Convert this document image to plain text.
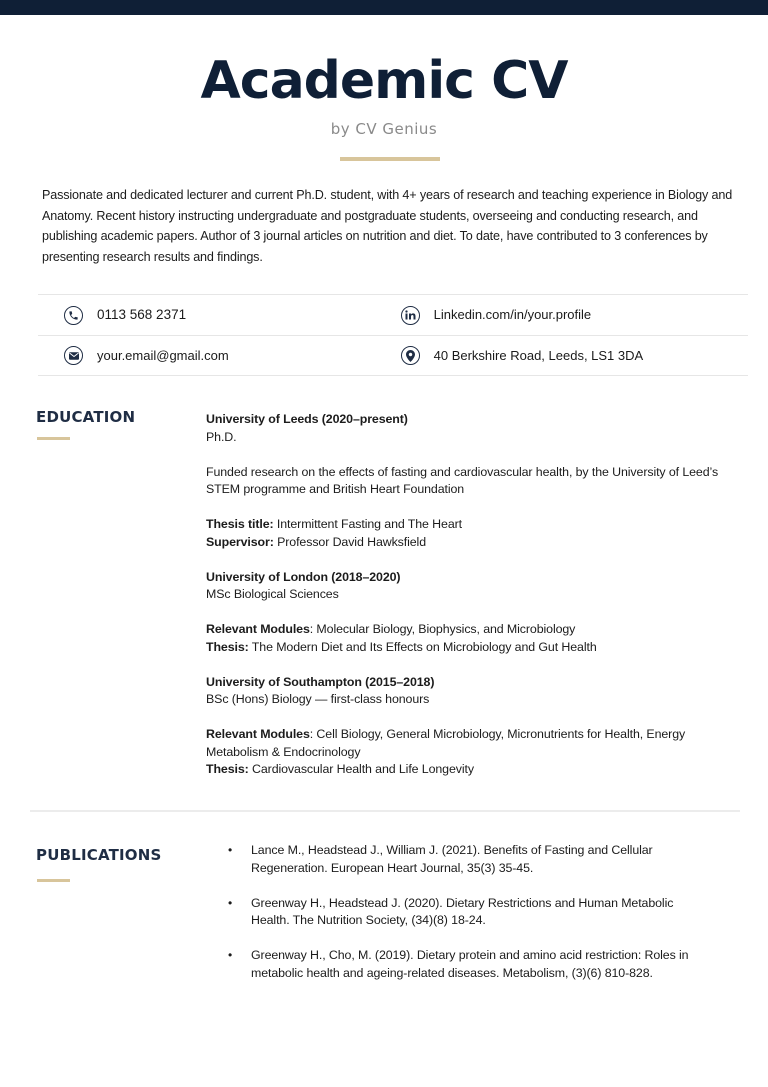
Academic CV
by CV Genius

Passionate and dedicated lecturer and current Ph.D. student, with 4+ years of research and teaching experience in Biology and Anatomy. Recent history instructing undergraduate and postgraduate students, overseeing and conducting research, and publishing academic papers. Author of 3 journal articles on nutrition and diet. To date, have contributed to 3 conferences by presenting research results and findings.

0113 568 2371	Linkedin.com/in/your.profile
your.email@gmail.com	40 Berkshire Road, Leeds, LS1 3DA
EDUCATION	University of Leeds (2020–present)
Ph.D.
Funded research on the effects of fasting and cardiovascular health, by the University of Leed’s STEM programme and British Heart Foundation
Thesis title: Intermittent Fasting and The Heart
Supervisor: Professor David Hawksfield
University of London (2018–2020)
MSc Biological Sciences
Relevant Modules: Molecular Biology, Biophysics, and Microbiology
Thesis: The Modern Diet and Its Effects on Microbiology and Gut Health
University of Southampton (2015–2018)
BSc (Hons) Biology — first-class honours
Relevant Modules: Cell Biology, General Microbiology, Micronutrients for Health, Energy Metabolism & Endocrinology
Thesis: Cardiovascular Health and Life Longevity
PUBLICATIONS	• Lance M., Headstead J., William J. (2021). Benefits of Fasting and Cellular Regeneration. European Heart Journal, 35(3) 35-45.
• Greenway H., Headstead J. (2020). Dietary Restrictions and Human Metabolic Health. The Nutrition Society, (34)(8) 18-24.
• Greenway H., Cho, M. (2019). Dietary protein and amino acid restriction: Roles in metabolic health and ageing-related diseases. Metabolism, (3)(6) 810-828.
